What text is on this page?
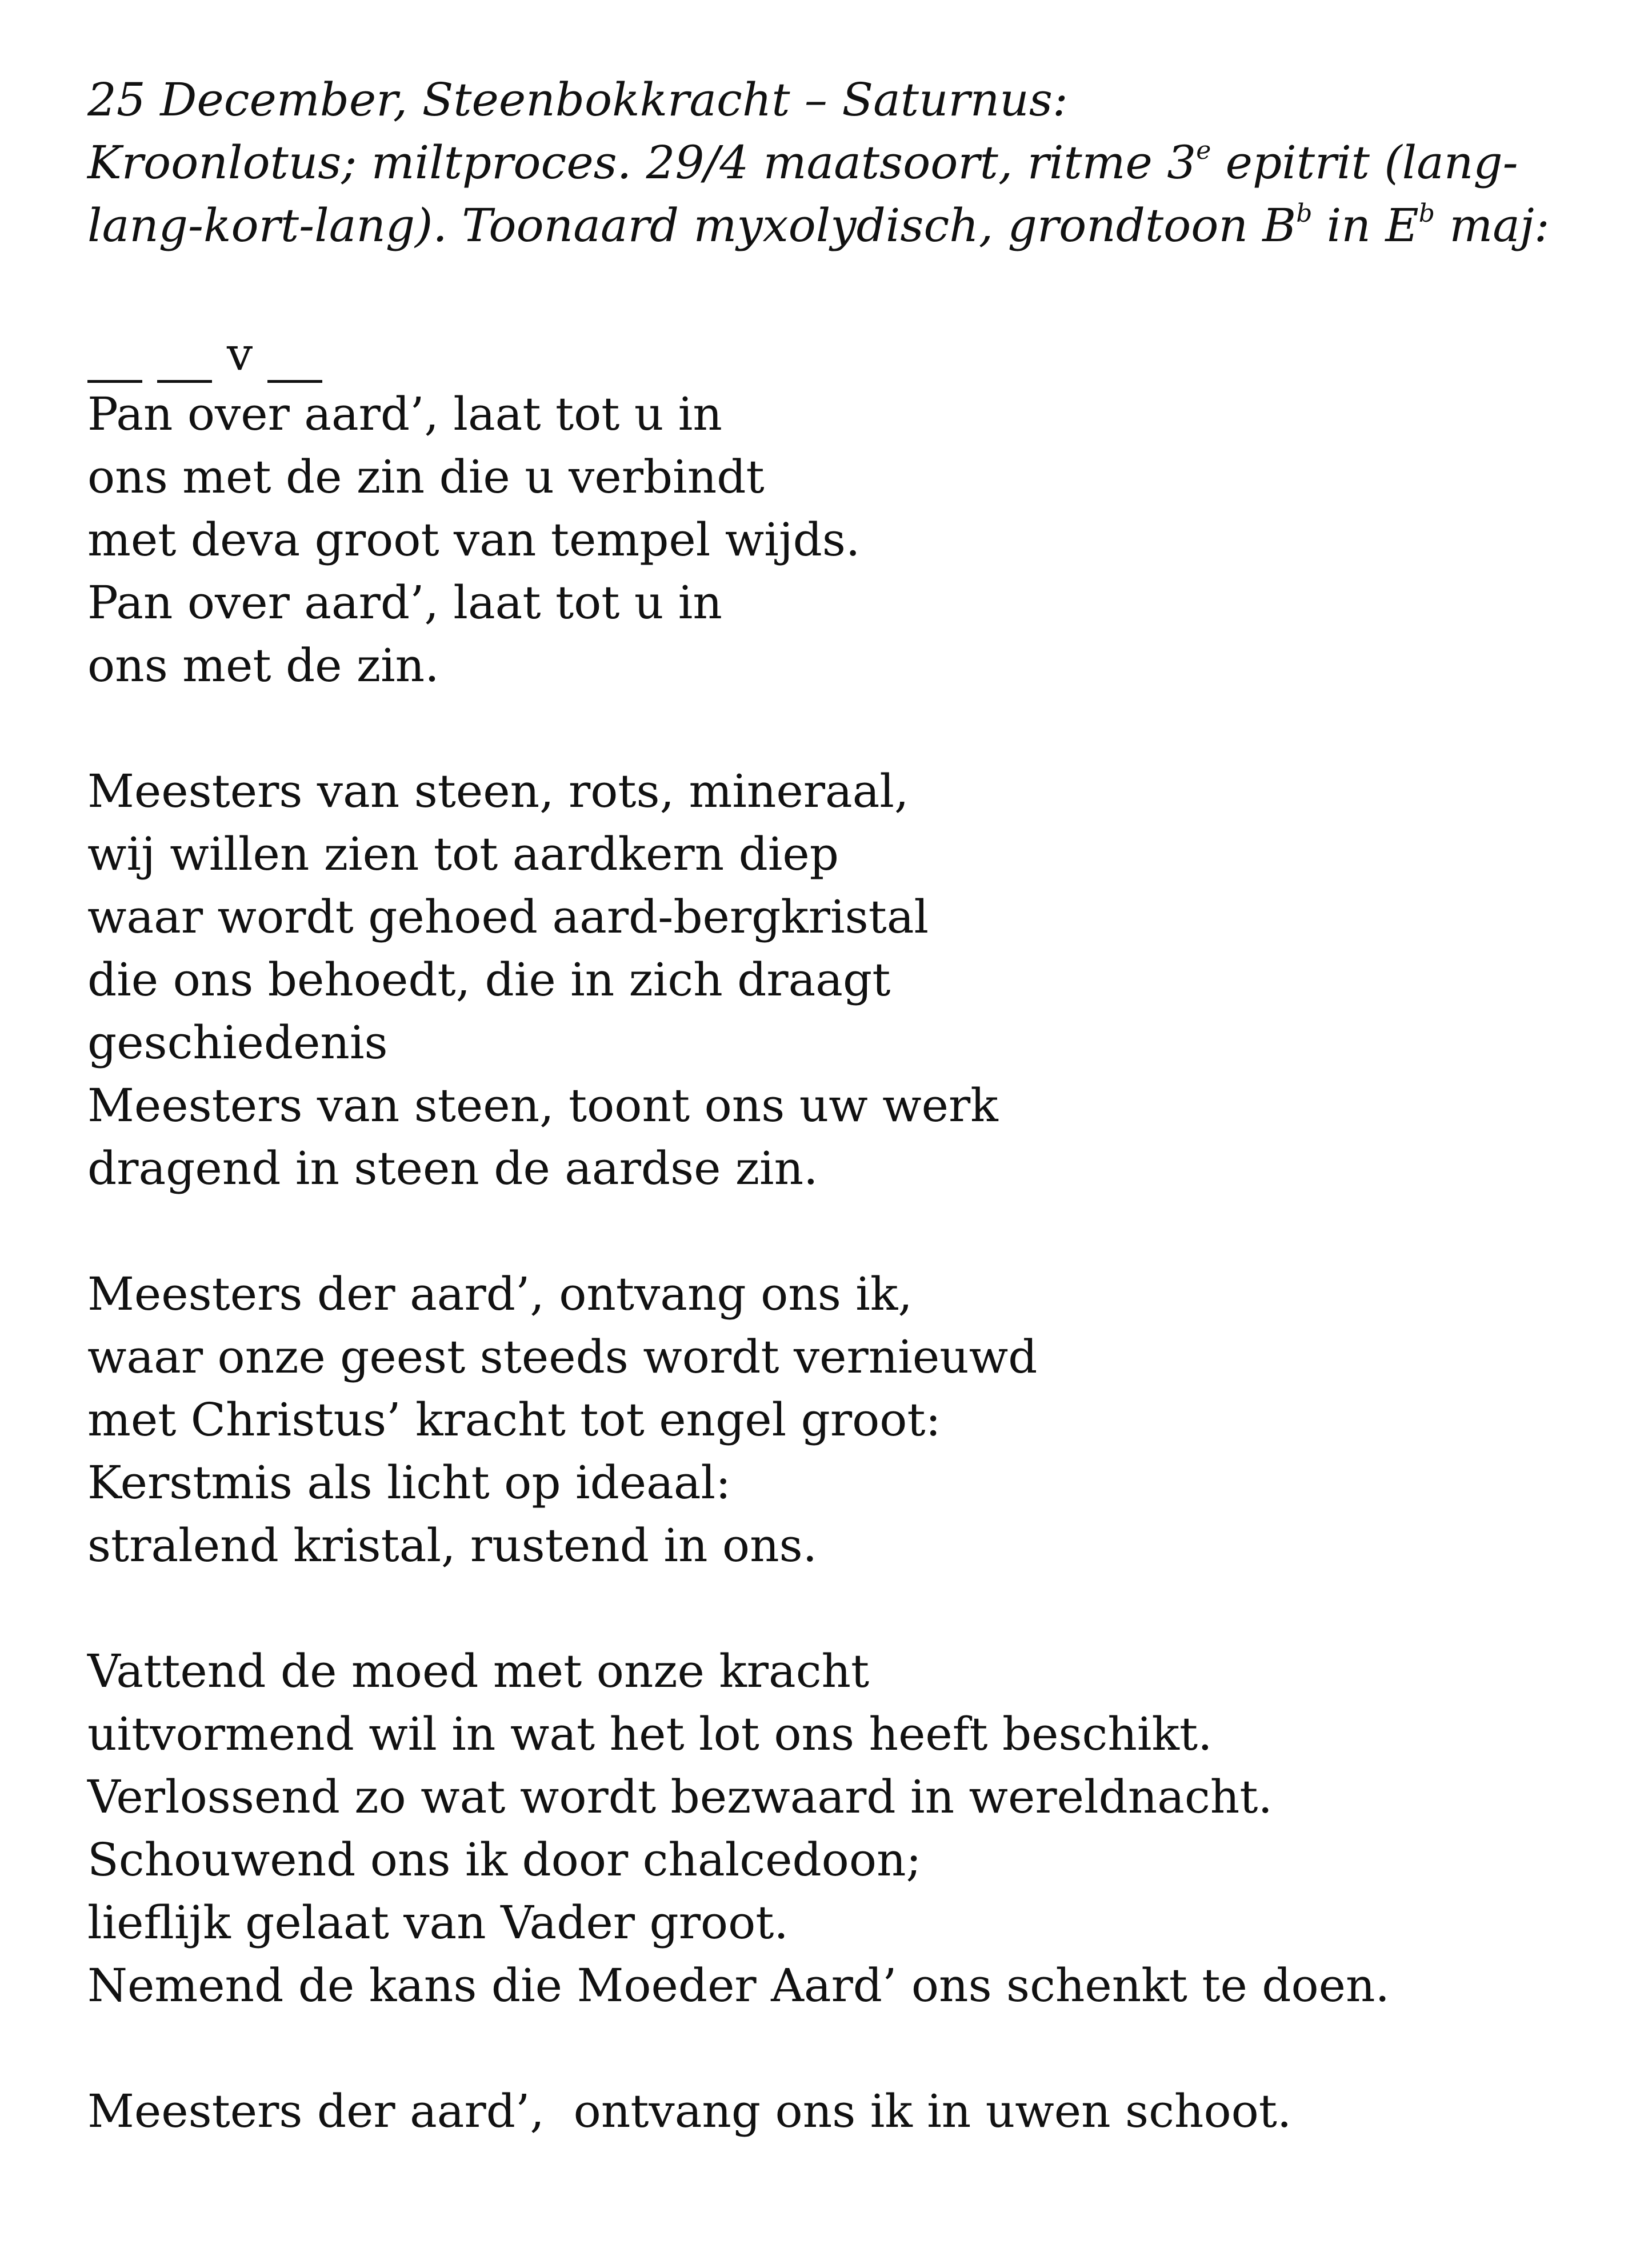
25 December, Steenbokkracht – Saturnus:
Kroonlotus; miltproces. 29/4 maatsoort, ritme 3e epitrit (lang-
lang-kort-lang). Toonaard myxolydisch, grondtoon $B^b$ in $E^b$ maj:
v
Pan over aard’, laat tot u in
ons met de zin die u verbindt
met deva groot van tempel wijds.
Pan over aard’, laat tot u in
ons met de zin.
Meesters van steen, rots, mineraal,
wij willen zien tot aardkern diep
waar wordt gehoed aard-bergkristal
die ons behoedt, die in zich draagt
geschiedenis
Meesters van steen, toont ons uw werk
dragend in steen de aardse zin.
Meesters der aard’, ontvang ons ik,
waar onze geest steeds wordt vernieuwd
met Christus’ kracht tot engel groot:
Kerstmis als licht op ideaal:
stralend kristal, rustend in ons.
Vattend de moed met onze kracht
uitvormend wil in wat het lot ons heeft beschikt.
Verlossend zo wat wordt bezwaard in wereldnacht.
Schouwend ons ik door chalcedoon;
lieflijk gelaat van Vader groot.
Nemend de kans die Moeder Aard’ ons schenkt te doen.
Meesters der aard’,  ontvang ons ik in uwen schoot.
